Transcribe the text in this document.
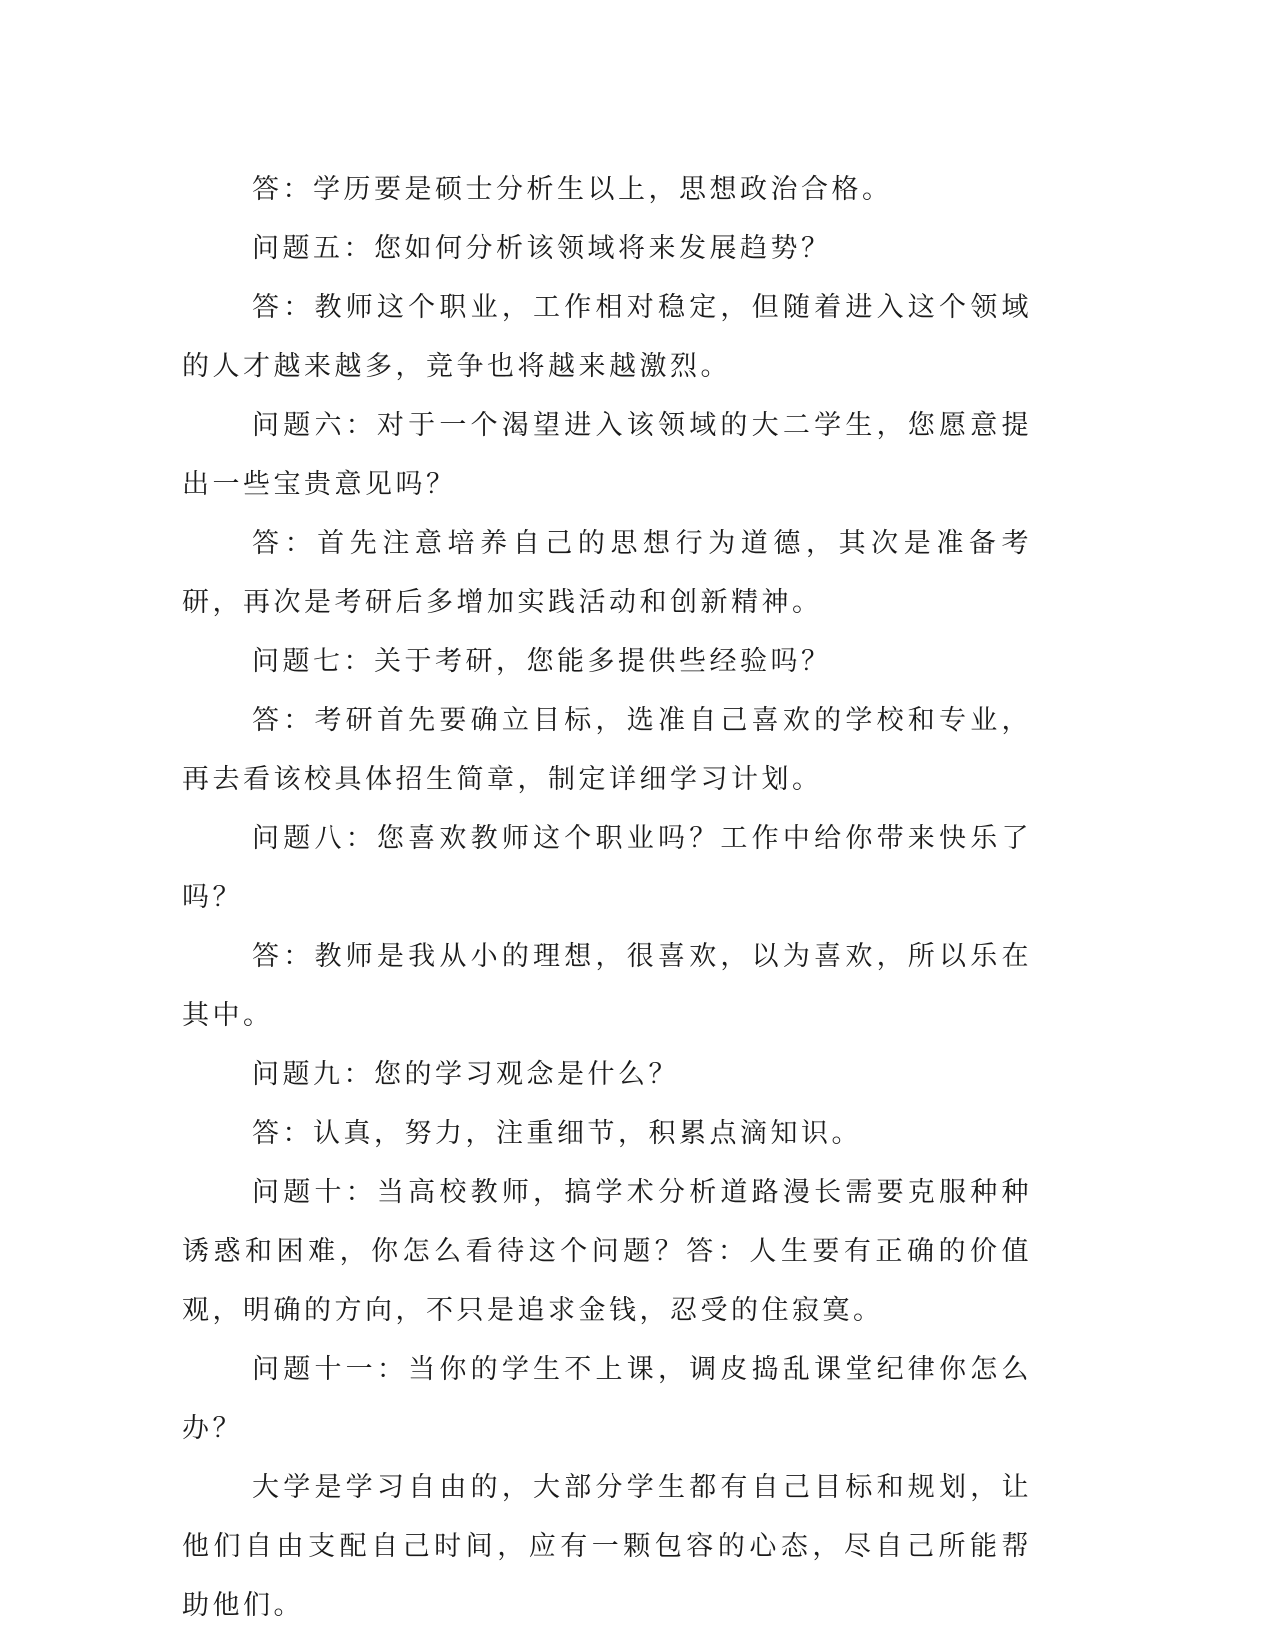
答：学历要是硕士分析生以上，思想政治合格。

问题五：您如何分析该领域将来发展趋势？

答：教师这个职业，工作相对稳定，但随着进入这个领域的人才越来越多，竞争也将越来越激烈。

问题六：对于一个渴望进入该领域的大二学生，您愿意提出一些宝贵意见吗？

答：首先注意培养自己的思想行为道德，其次是准备考研，再次是考研后多增加实践活动和创新精神。

问题七：关于考研，您能多提供些经验吗？

答：考研首先要确立目标，选准自己喜欢的学校和专业，再去看该校具体招生简章，制定详细学习计划。

问题八：您喜欢教师这个职业吗？工作中给你带来快乐了吗？

答：教师是我从小的理想，很喜欢，以为喜欢，所以乐在其中。

问题九：您的学习观念是什么？

答：认真，努力，注重细节，积累点滴知识。

问题十：当高校教师，搞学术分析道路漫长需要克服种种诱惑和困难，你怎么看待这个问题？答：人生要有正确的价值观，明确的方向，不只是追求金钱，忍受的住寂寞。

问题十一：当你的学生不上课，调皮捣乱课堂纪律你怎么办？

大学是学习自由的，大部分学生都有自己目标和规划，让他们自由支配自己时间，应有一颗包容的心态，尽自己所能帮助他们。
